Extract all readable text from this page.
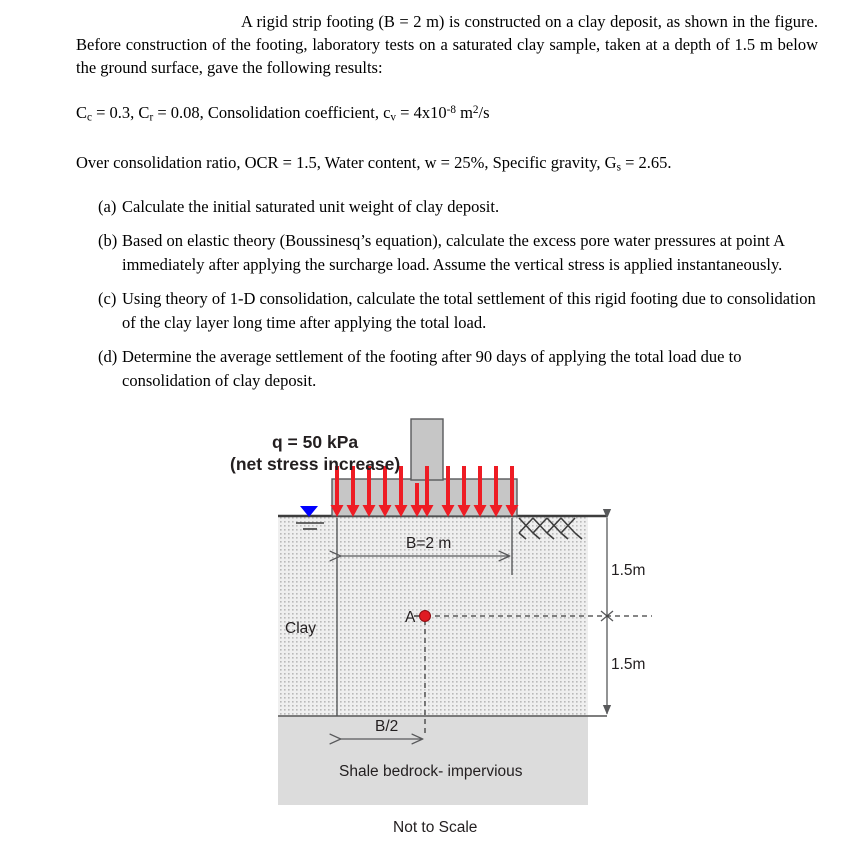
A rigid strip footing (B = 2 m) is constructed on a clay deposit, as shown in the figure. Before construction of the footing, laboratory tests on a saturated clay sample, taken at a depth of 1.5 m below the ground surface, gave the following results:

$C_c = 0.3$, $C_r = 0.08$, Consolidation coefficient, $c_v = 4x10^{-8}$ $m^2/s$

Over consolidation ratio, OCR = 1.5, Water content, w = 25%, Specific gravity, $G_s = 2.65$.

(a) Calculate the initial saturated unit weight of clay deposit.
(b) Based on elastic theory (Boussinesq’s equation), calculate the excess pore water pressures at point A immediately after applying the surcharge load. Assume the vertical stress is applied instantaneously.
(c) Using theory of 1-D consolidation, calculate the total settlement of this rigid footing due to consolidation of the clay layer long time after applying the total load.
(d) Determine the average settlement of the footing after 90 days of applying the total load due to consolidation of clay deposit.
q = 50 kPa
(net stress increase)
B=2 m
1.5m
1.5m
Clay
A
B/2
Shale bedrock- impervious
Not to Scale
